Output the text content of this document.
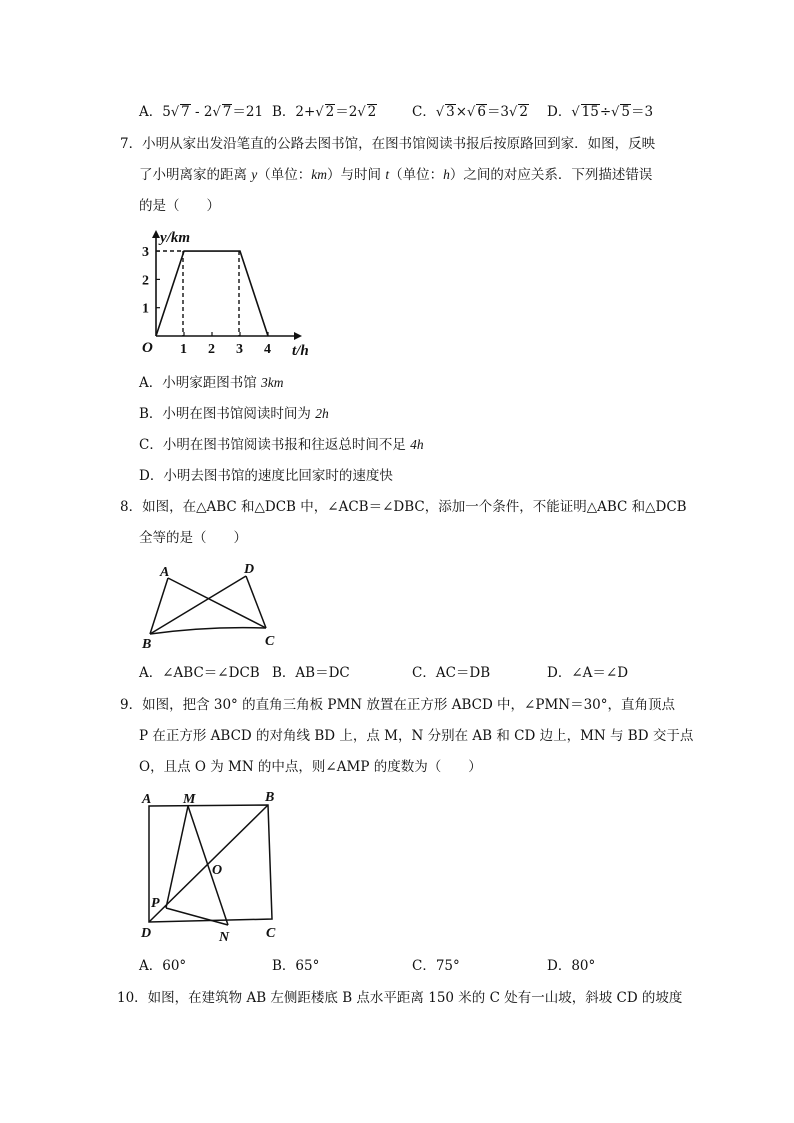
A．5√ 7 - 2√ 7＝21 B．2+√ 2＝2√ 2	C．√ 3×√ 6＝3√ 2 D．√ 15÷√ 5＝3
7．小明从家出发沿笔直的公路去图书馆，在图书馆阅读书报后按原路回到家．如图，反映
了小明离家的距离 y（单位：km）与时间 t（单位：h）之间的对应关系．下列描述错误
的是（　　）
y/km
t/h
O 1 2 3 4
1
2
3
A．小明家距图书馆 3km
B．小明在图书馆阅读时间为 2h
C．小明在图书馆阅读书报和往返总时间不足 4h
D．小明去图书馆的速度比回家时的速度快
8．如图，在△ABC 和△DCB 中，∠ACB＝∠DBC，添加一个条件，不能证明△ABC 和△DCB
全等的是（　　）
A	D
B	C
A．∠ABC＝∠DCB B．AB＝DC	C．AC＝DB	D．∠A＝∠D
9．如图，把含 30° 的直角三角板 PMN 放置在正方形 ABCD 中，∠PMN＝30°，直角顶点
P 在正方形 ABCD 的对角线 BD 上，点 M，N 分别在 AB 和 CD 边上，MN 与 BD 交于点
O，且点 O 为 MN 的中点，则∠AMP 的度数为（　　）
A M	B
O
P
D	N	C
A．60°	B．65°	C．75°	D．80°
10．如图，在建筑物 AB 左侧距楼底 B 点水平距离 150 米的 C 处有一山坡，斜坡 CD 的坡度
